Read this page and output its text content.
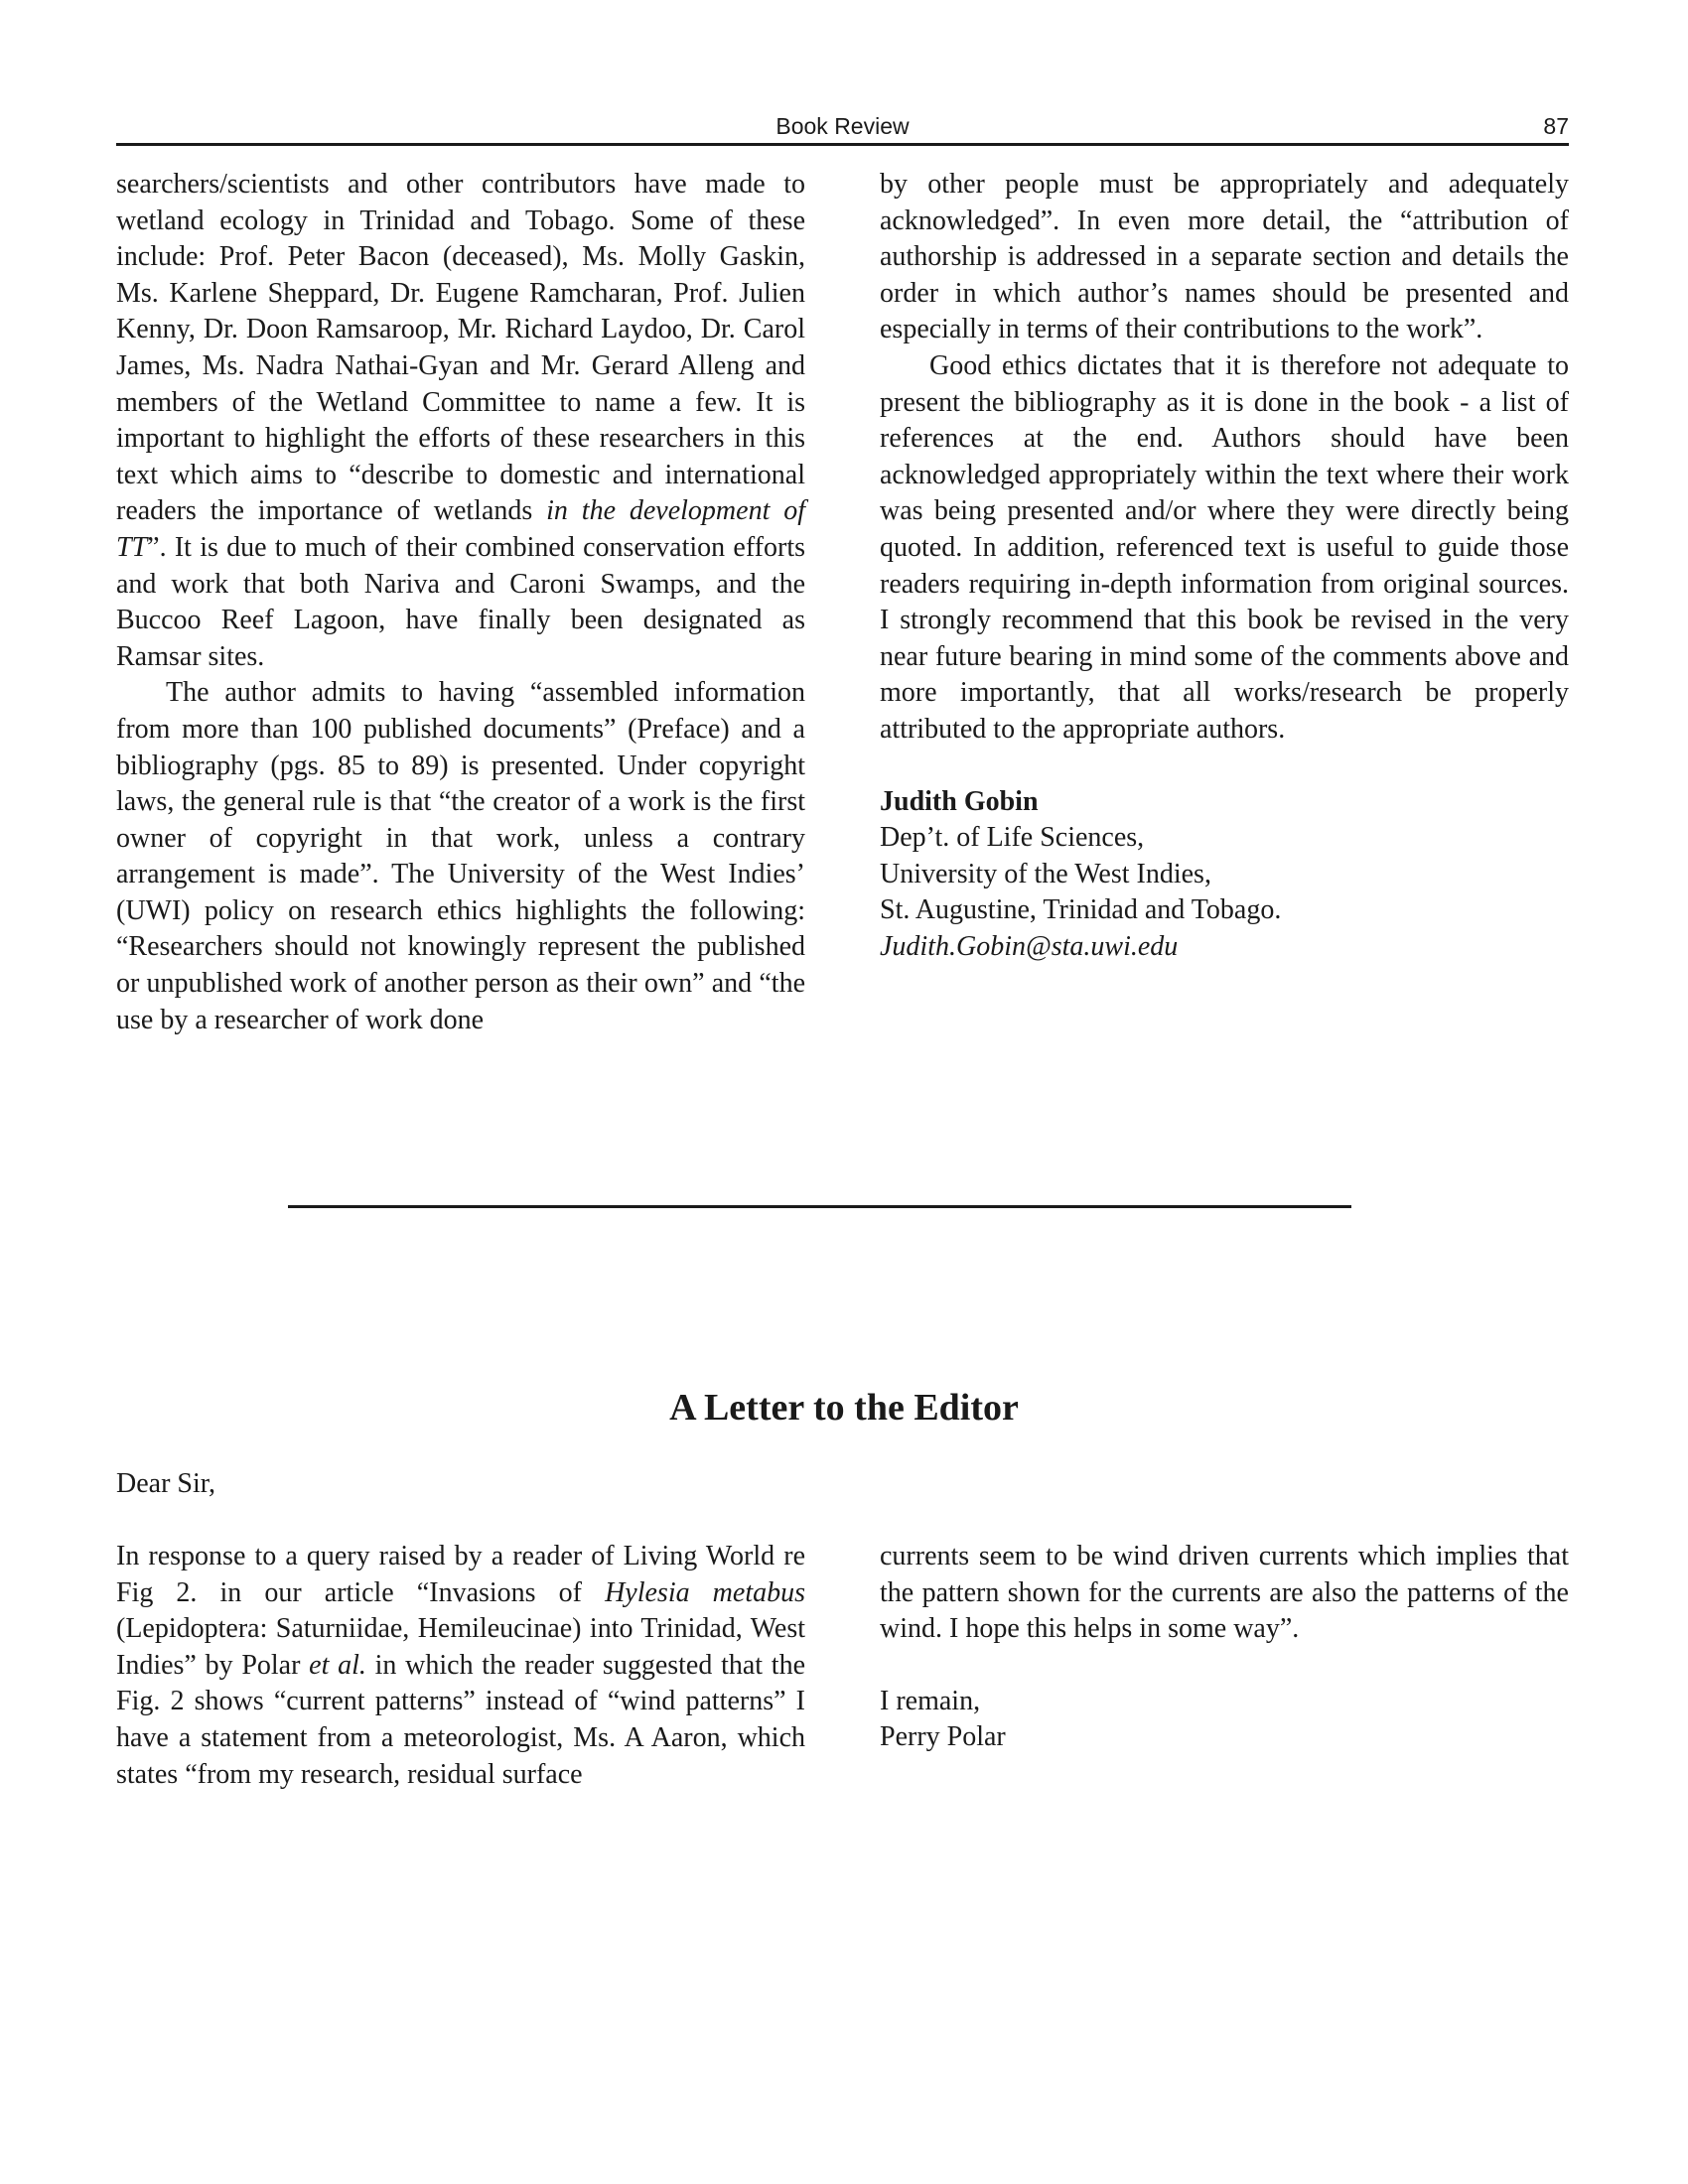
Book Review	87

searchers/scientists and other contributors have made to wetland ecology in Trinidad and Tobago. Some of these include: Prof. Peter Bacon (deceased), Ms. Molly Gaskin, Ms. Karlene Sheppard, Dr. Eugene Ramcharan, Prof. Julien Kenny, Dr. Doon Ramsaroop, Mr. Richard Laydoo, Dr. Carol James, Ms. Nadra Nathai-Gyan and Mr. Gerard Alleng and members of the Wetland Committee to name a few. It is important to highlight the efforts of these researchers in this text which aims to “describe to domestic and international readers the importance of wetlands in the development of TT”. It is due to much of their combined conservation efforts and work that both Nariva and Caroni Swamps, and the Buccoo Reef Lagoon, have finally been designated as Ramsar sites.

The author admits to having “assembled information from more than 100 published documents” (Preface) and a bibliography (pgs. 85 to 89) is presented. Under copyright laws, the general rule is that “the creator of a work is the first owner of copyright in that work, unless a contrary arrangement is made”. The University of the West Indies’ (UWI) policy on research ethics highlights the following: “Researchers should not knowingly represent the published or unpublished work of another person as their own” and “the use by a researcher of work done

by other people must be appropriately and adequately acknowledged”. In even more detail, the “attribution of authorship is addressed in a separate section and details the order in which author’s names should be presented and especially in terms of their contributions to the work”.

Good ethics dictates that it is therefore not adequate to present the bibliography as it is done in the book - a list of references at the end. Authors should have been acknowledged appropriately within the text where their work was being presented and/or where they were directly being quoted. In addition, referenced text is useful to guide those readers requiring in-depth information from original sources. I strongly recommend that this book be revised in the very near future bearing in mind some of the comments above and more importantly, that all works/research be properly attributed to the appropriate authors.

Judith Gobin
Dep’t. of Life Sciences,
University of the West Indies,
St. Augustine, Trinidad and Tobago.
Judith.Gobin@sta.uwi.edu
A Letter to the Editor
Dear Sir,

In response to a query raised by a reader of Living World re Fig 2. in our article “Invasions of Hylesia metabus (Lepidoptera: Saturniidae, Hemileucinae) into Trinidad, West Indies” by Polar et al. in which the reader suggested that the Fig. 2 shows “current patterns” instead of “wind patterns” I have a statement from a meteorologist, Ms. A Aaron, which states “from my research, residual surface

currents seem to be wind driven currents which implies that the pattern shown for the currents are also the patterns of the wind. I hope this helps in some way”.

I remain,
Perry Polar
